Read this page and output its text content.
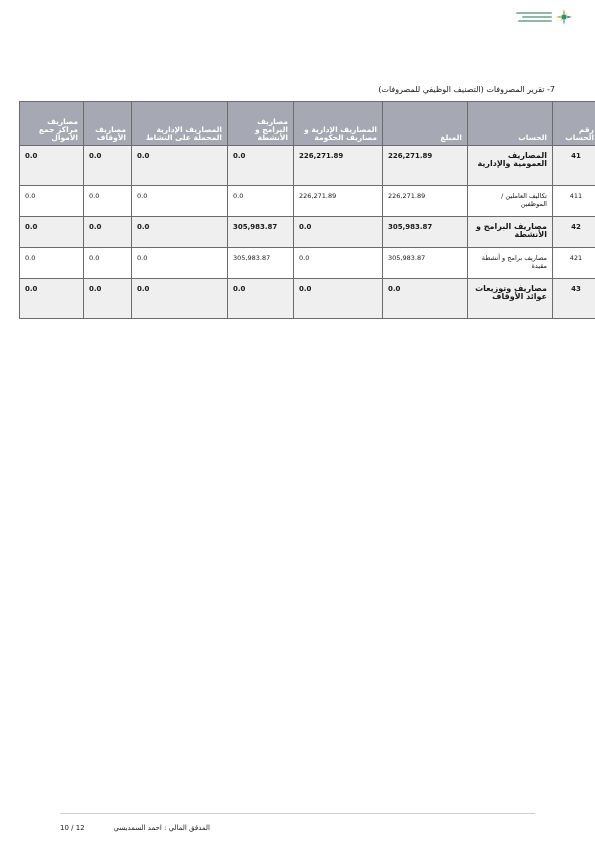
7- تقرير المصروفات (التصنيف الوظيفي للمصروفات)
رقم الحساب	الحساب	المبلغ	المصاريف الإدارية و مصاريف الحكومة	مصاريف البرامج و الأنشطة	المصاريف الإدارية المحملة على النشاط	مصاريف الأوقاف	مصاريف مراكز جمع الأموال
41	المصاريف العمومية والإدارية	226,271.89	226,271.89	0.0	0.0	0.0	0.0
411	تكاليف العاملين / الموظفين	226,271.89	226,271.89	0.0	0.0	0.0	0.0
42	مصاريف البرامج و الأنشطة	305,983.87	0.0	305,983.87	0.0	0.0	0.0
421	مصاريف برامج و أنشطة مقيدة	305,983.87	0.0	305,983.87	0.0	0.0	0.0
43	مصاريف وتوزيعات عوائد الأوقاف	0.0	0.0	0.0	0.0	0.0	0.0
المدقق المالي : احمد السمديسي
10 / 12
